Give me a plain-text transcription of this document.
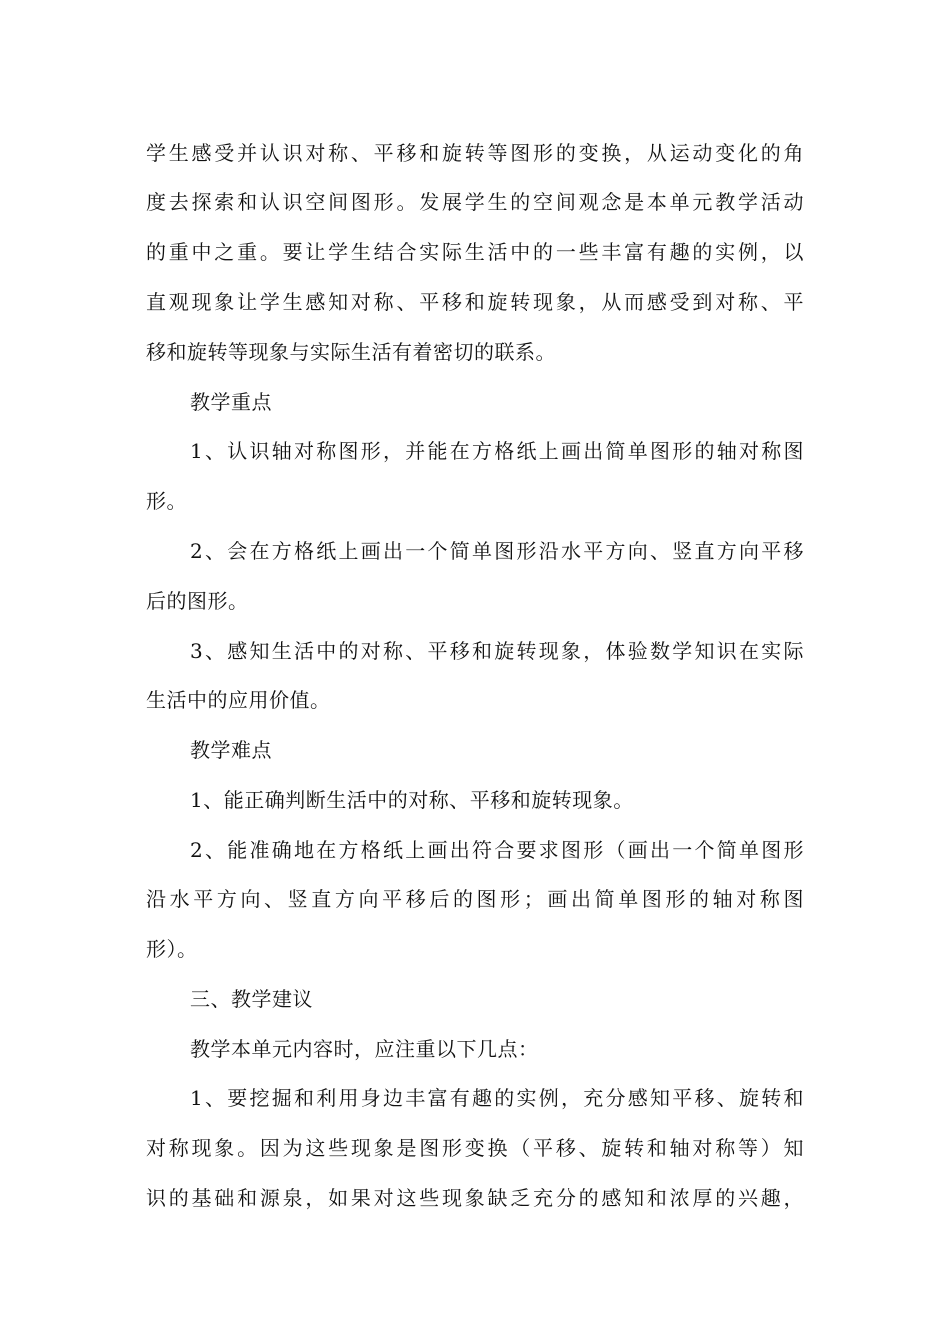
学生感受并认识对称、平移和旋转等图形的变换，从运动变化的角
度去探索和认识空间图形。发展学生的空间观念是本单元教学活动
的重中之重。要让学生结合实际生活中的一些丰富有趣的实例，以
直观现象让学生感知对称、平移和旋转现象，从而感受到对称、平
移和旋转等现象与实际生活有着密切的联系。
教学重点
1、认识轴对称图形，并能在方格纸上画出简单图形的轴对称图
形。
2、会在方格纸上画出一个简单图形沿水平方向、竖直方向平移
后的图形。
3、感知生活中的对称、平移和旋转现象，体验数学知识在实际
生活中的应用价值。
教学难点
1、能正确判断生活中的对称、平移和旋转现象。
2、能准确地在方格纸上画出符合要求图形（画出一个简单图形
沿水平方向、竖直方向平移后的图形；画出简单图形的轴对称图
形）。
三、教学建议
教学本单元内容时，应注重以下几点：
1、要挖掘和利用身边丰富有趣的实例，充分感知平移、旋转和
对称现象。因为这些现象是图形变换（平移、旋转和轴对称等）知
识的基础和源泉，如果对这些现象缺乏充分的感知和浓厚的兴趣，
